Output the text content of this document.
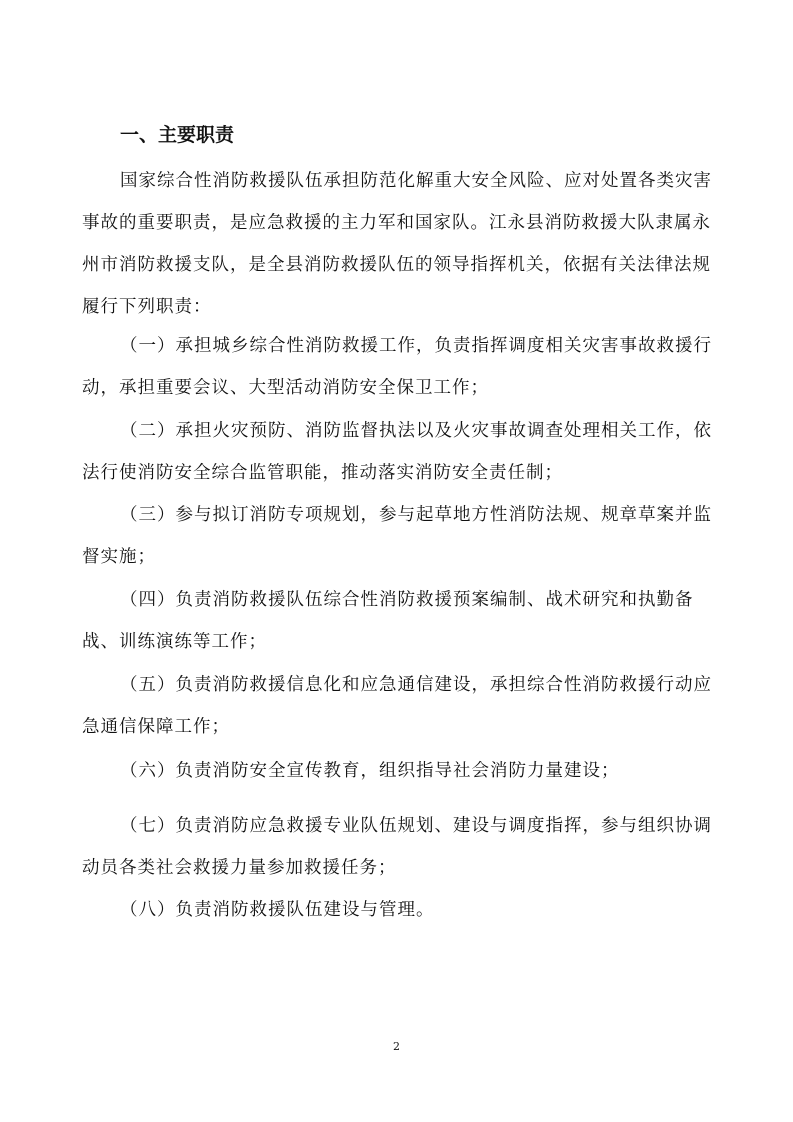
一、主要职责
国家综合性消防救援队伍承担防范化解重大安全风险、应对处置各类灾害事故的重要职责，是应急救援的主力军和国家队。江永县消防救援大队隶属永州市消防救援支队，是全县消防救援队伍的领导指挥机关，依据有关法律法规履行下列职责：
（一）承担城乡综合性消防救援工作，负责指挥调度相关灾害事故救援行动，承担重要会议、大型活动消防安全保卫工作；
（二）承担火灾预防、消防监督执法以及火灾事故调查处理相关工作，依法行使消防安全综合监管职能，推动落实消防安全责任制；
（三）参与拟订消防专项规划，参与起草地方性消防法规、规章草案并监督实施；
（四）负责消防救援队伍综合性消防救援预案编制、战术研究和执勤备战、训练演练等工作；
（五）负责消防救援信息化和应急通信建设，承担综合性消防救援行动应急通信保障工作；
（六）负责消防安全宣传教育，组织指导社会消防力量建设；
（七）负责消防应急救援专业队伍规划、建设与调度指挥，参与组织协调动员各类社会救援力量参加救援任务；
（八）负责消防救援队伍建设与管理。
2
